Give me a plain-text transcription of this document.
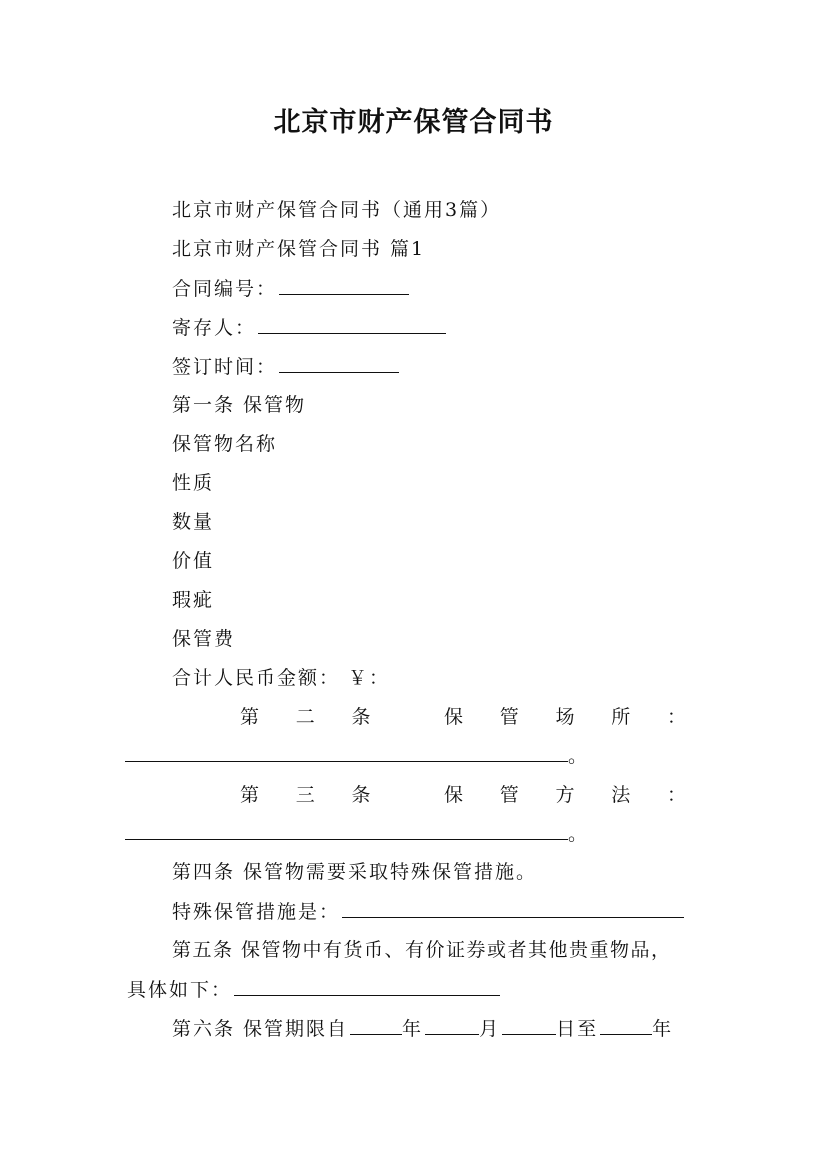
北京市财产保管合同书
北京市财产保管合同书（通用3篇）
北京市财产保管合同书 篇1
合同编号：
寄存人：
签订时间：
第一条 保管物
保管物名称
性质
数量
价值
瑕疵
保管费
合计人民币金额： ￥：
第 二 条	保 管 场 所 ：
。
第 三 条	保 管 方 法 ：
。
第四条 保管物需要采取特殊保管措施。
特殊保管措施是：
第五条 保管物中有货币、有价证券或者其他贵重物品，
具体如下：
第六条 保管期限自	年	月	日至	年
